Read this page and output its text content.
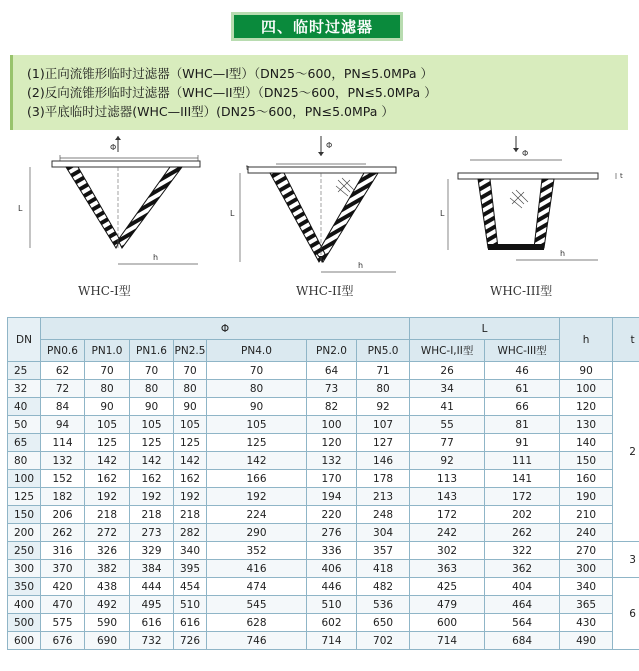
四、临时过滤器
(1)正向流锥形临时过滤器（WHC—I型）（DN25～600，PN≤5.0MPa ）
(2)反向流锥形临时过滤器（WHC—II型）（DN25～600，PN≤5.0MPa ）
(3)平底临时过滤器(WHC—III型）(DN25～600，PN≤5.0MPa ）
Φ
L
h
WHC-I型
Φ
L
h
t
WHC-II型
Φ
L
h
t
WHC-III型
DN	Φ							L		h	t
	PN0.6	PN1.0	PN1.6	PN2.5	PN4.0	PN2.0	PN5.0	WHC-I,II型	WHC-III型		
25	62	70	70	70	70	64	71	26	46	90	2
32	72	80	80	80	80	73	80	34	61	100	
40	84	90	90	90	90	82	92	41	66	120	
50	94	105	105	105	105	100	107	55	81	130	
65	114	125	125	125	125	120	127	77	91	140	
80	132	142	142	142	142	132	146	92	111	150	
100	152	162	162	162	166	170	178	113	141	160	
125	182	192	192	192	192	194	213	143	172	190	
150	206	218	218	218	224	220	248	172	202	210	
200	262	272	273	282	290	276	304	242	262	240	
250	316	326	329	340	352	336	357	302	322	270	3
300	370	382	384	395	416	406	418	363	362	300	
350	420	438	444	454	474	446	482	425	404	340	6
400	470	492	495	510	545	510	536	479	464	365	
500	575	590	616	616	628	602	650	600	564	430	
600	676	690	732	726	746	714	702	714	684	490	
